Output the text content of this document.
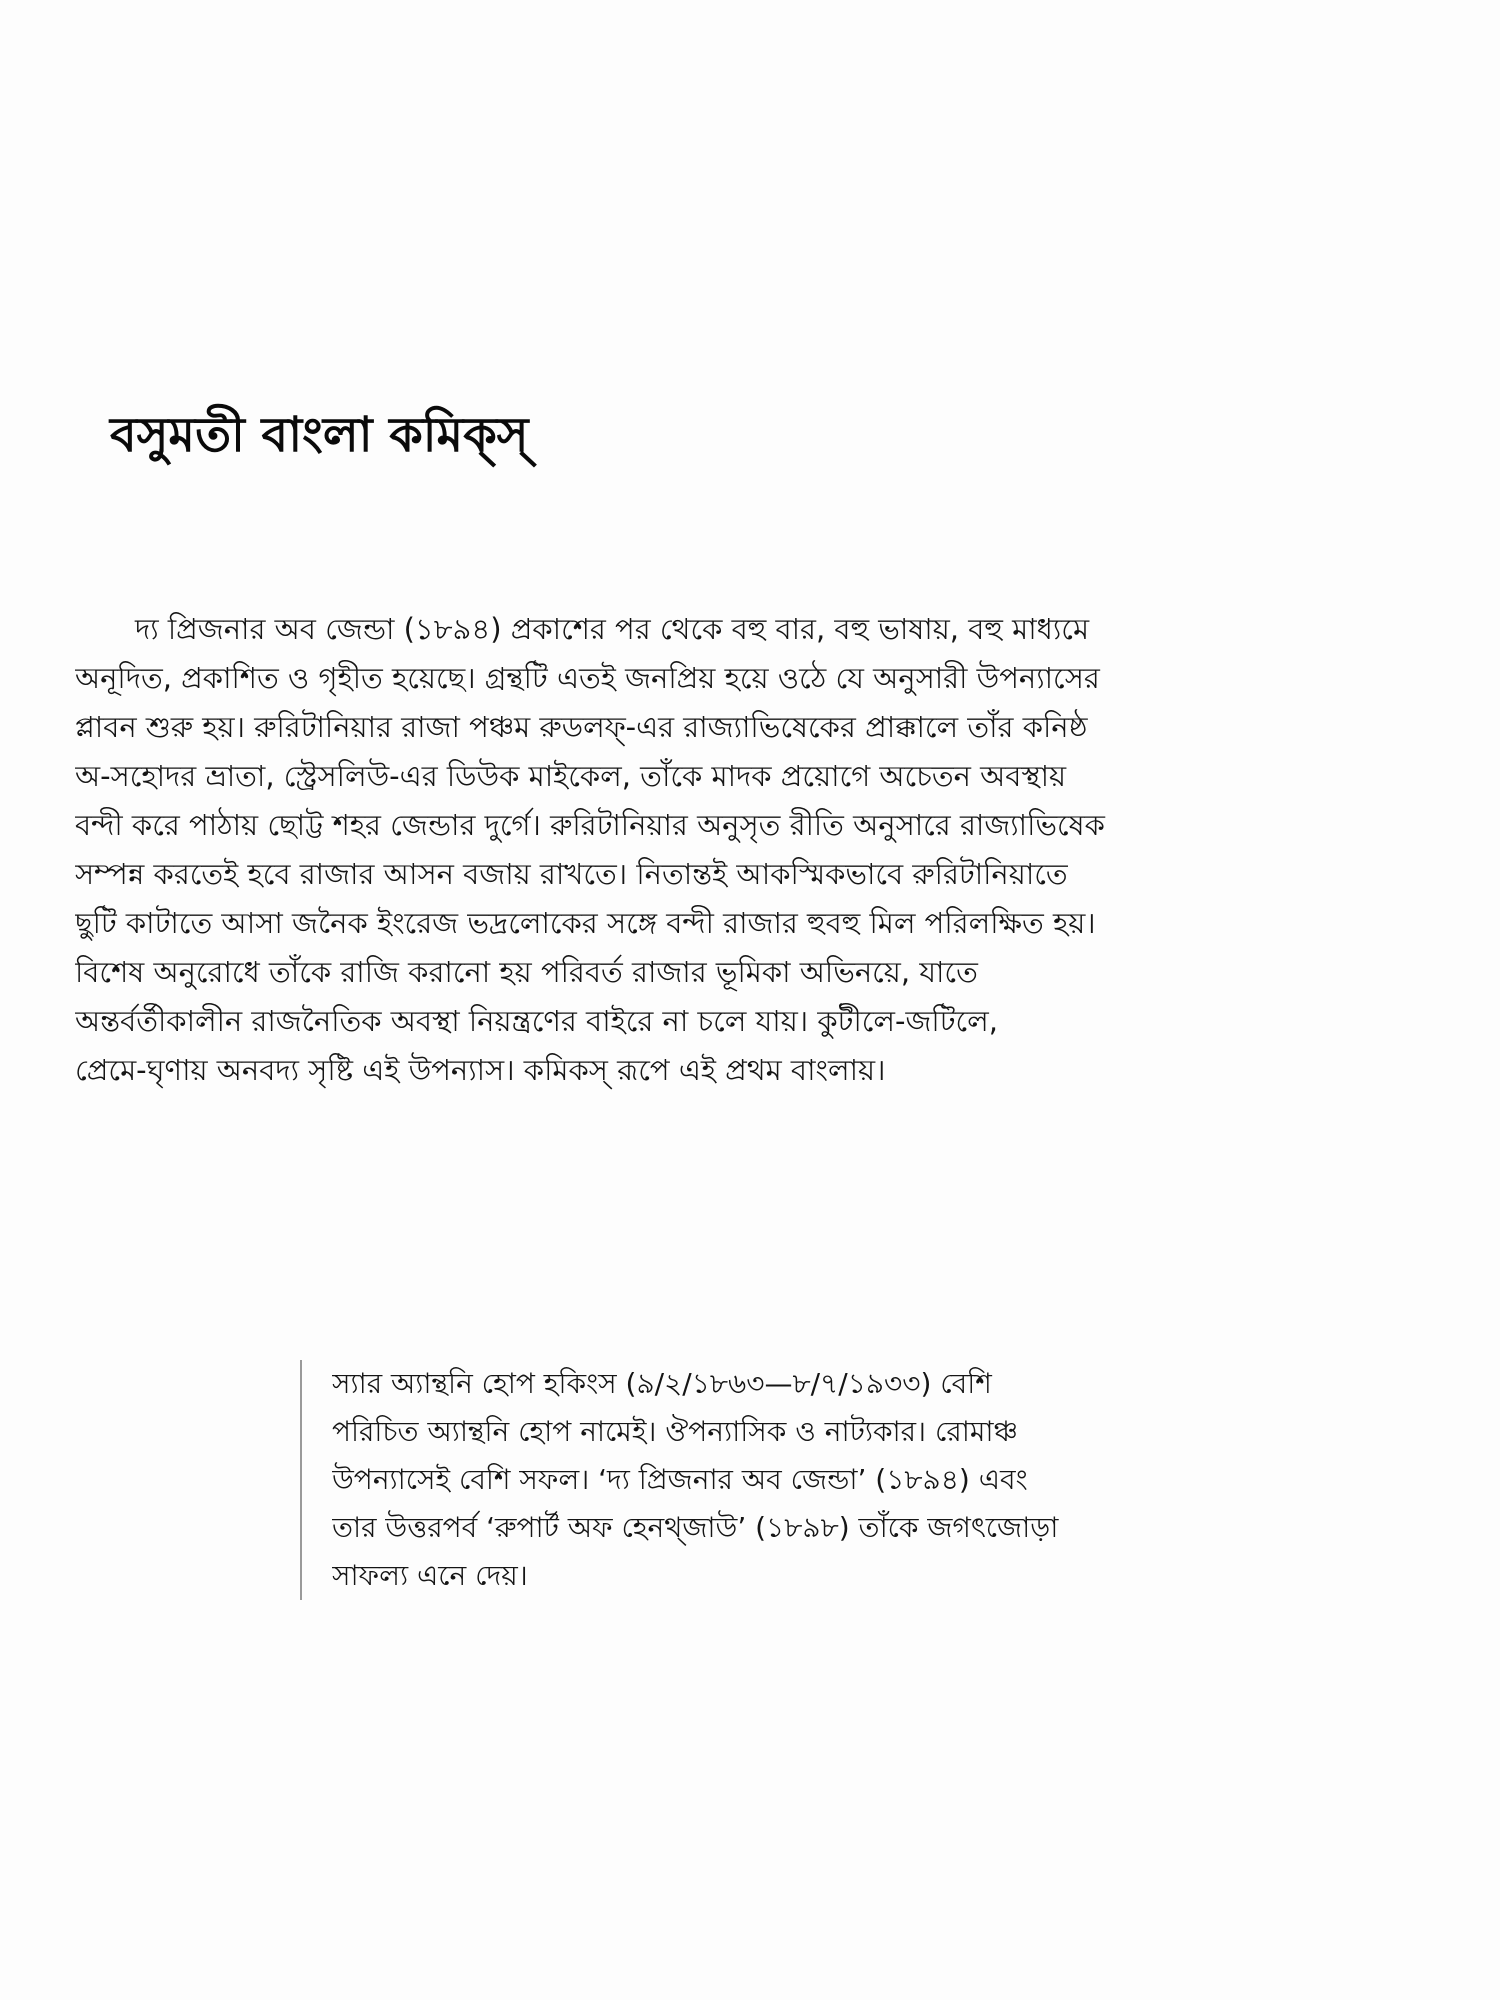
বসুমতী বাংলা কমিক্স্
দ্য প্রিজনার অব জেন্ডা (১৮৯৪) প্রকাশের পর থেকে বহু বার, বহু ভাষায়, বহু মাধ্যমে
অনূদিত, প্রকাশিত ও গৃহীত হয়েছে। গ্রন্থটি এতই জনপ্রিয় হয়ে ওঠে যে অনুসারী উপন্যাসের
প্লাবন শুরু হয়। রুরিটানিয়ার রাজা পঞ্চম রুডলফ্-এর রাজ্যাভিষেকের প্রাক্কালে তাঁর কনিষ্ঠ
অ-সহোদর ভ্রাতা, স্ট্রেসলিউ-এর ডিউক মাইকেল, তাঁকে মাদক প্রয়োগে অচেতন অবস্থায়
বন্দী করে পাঠায় ছোট্ট শহর জেন্ডার দুর্গে। রুরিটানিয়ার অনুসৃত রীতি অনুসারে রাজ্যাভিষেক
সম্পন্ন করতেই হবে রাজার আসন বজায় রাখতে। নিতান্তই আকস্মিকভাবে রুরিটানিয়াতে
ছুটি কাটাতে আসা জনৈক ইংরেজ ভদ্রলোকের সঙ্গে বন্দী রাজার হুবহু মিল পরিলক্ষিত হয়।
বিশেষ অনুরোধে তাঁকে রাজি করানো হয় পরিবর্ত রাজার ভূমিকা অভিনয়ে, যাতে
অন্তর্বর্তীকালীন রাজনৈতিক অবস্থা নিয়ন্ত্রণের বাইরে না চলে যায়। কুটীলে-জটিলে,
প্রেমে-ঘৃণায় অনবদ্য সৃষ্টি এই উপন্যাস। কমিকস্ রূপে এই প্রথম বাংলায়।
স্যার অ্যান্থনি হোপ হকিংস (৯/২/১৮৬৩—৮/৭/১৯৩৩) বেশি
পরিচিত অ্যান্থনি হোপ নামেই। ঔপন্যাসিক ও নাট্যকার। রোমাঞ্চ
উপন্যাসেই বেশি সফল। ‘দ্য প্রিজনার অব জেন্ডা’ (১৮৯৪) এবং
তার উত্তরপর্ব ‘রুপার্ট অফ হেনথ্জাউ’ (১৮৯৮) তাঁকে জগৎজোড়া
সাফল্য এনে দেয়।
